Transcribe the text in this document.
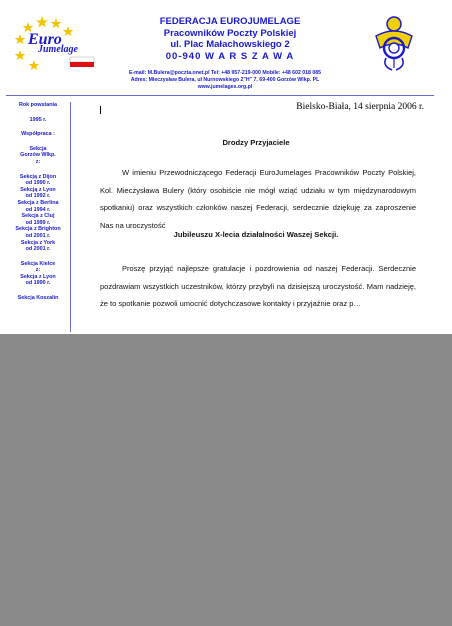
Euro
Jumelage
FEDERACJA EUROJUMELAGE
Pracowników Poczty Polskiej
ul. Plac Małachowskiego 2
00-940 W A R S Z A W A
E-mail: M.Bulera@poczta.onet.pl Tel: +48 957-219-000 Mobile: +48 602 018 085
Adres: Mieczysław Bulera, ul Nurnowskiego 2"H" 7, 69-400 Gorzów Wlkp. PL
www.jumelages.org.pl
Rok powstania
1995 r.
Współpraca :
Sekcja
Gorzów Wlkp.
z:
Sekcją z Dijon
od 1990 r.
Sekcją z Lyon
od 1992 r.
Sekcja z Berlina
od 1994 r.
Sekcja z Cluj
od 1999 r.
Sekcja z Brighton
od 2001 r.
Sekcja z York
od 2001 r.
Sekcja Kielce
z:
Sekcja z Lyon
od 1990 r.
Sekcja Koszalin
Bielsko-Biała, 14 sierpnia 2006 r.
Drodzy Przyjaciele
W imieniu Przewodniczącego Federacji EuroJumelages Pracowników Poczty Polskiej, Kol. Mieczysława Bulery (który osobiście nie mógł wziąć udziału w tym międzynarodowym spotkaniu) oraz wszystkich członków naszej Federacji, serdecznie dziękuję za zaproszenie Nas na uroczystość
Jubileuszu X-lecia działalności Waszej Sekcji.
Proszę przyjąć najlepsze gratulacje i pozdrowienia od naszej Federacji. Serdecznie pozdrawiam wszystkich uczestników, którzy przybyli na dzisiejszą uroczystość. Mam nadzieję, że to spotkanie pozwoli umocnić dotychczasowe kontakty i przyjaźnie oraz p…
